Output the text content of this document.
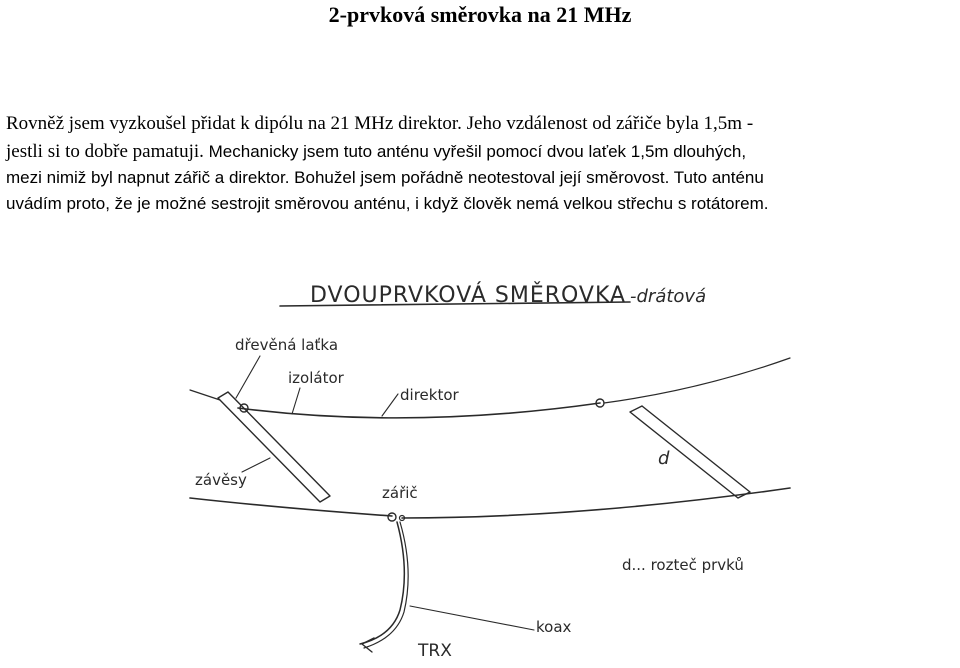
2-prvková směrovka na 21 MHz

Rovněž jsem vyzkoušel přidat k dipólu na 21 MHz direktor. Jeho vzdálenost od zářiče byla 1,5m -

jestli si to dobře pamatuji. Mechanicky jsem tuto anténu vyřešil pomocí dvou laťek 1,5m dlouhých,

mezi nimiž byl napnut zářič a direktor. Bohužel jsem pořádně neotestoval její směrovost. Tuto anténu

uvádím proto, že je možné sestrojit směrovou anténu, i když člověk nemá velkou střechu s rotátorem.

DVOUPRVKOVÁ SMĚROVKA -drátová
dřevěná laťka
izolátor
direktor
závěsy
zářič
d
d... rozteč prvků
koax
TRX
